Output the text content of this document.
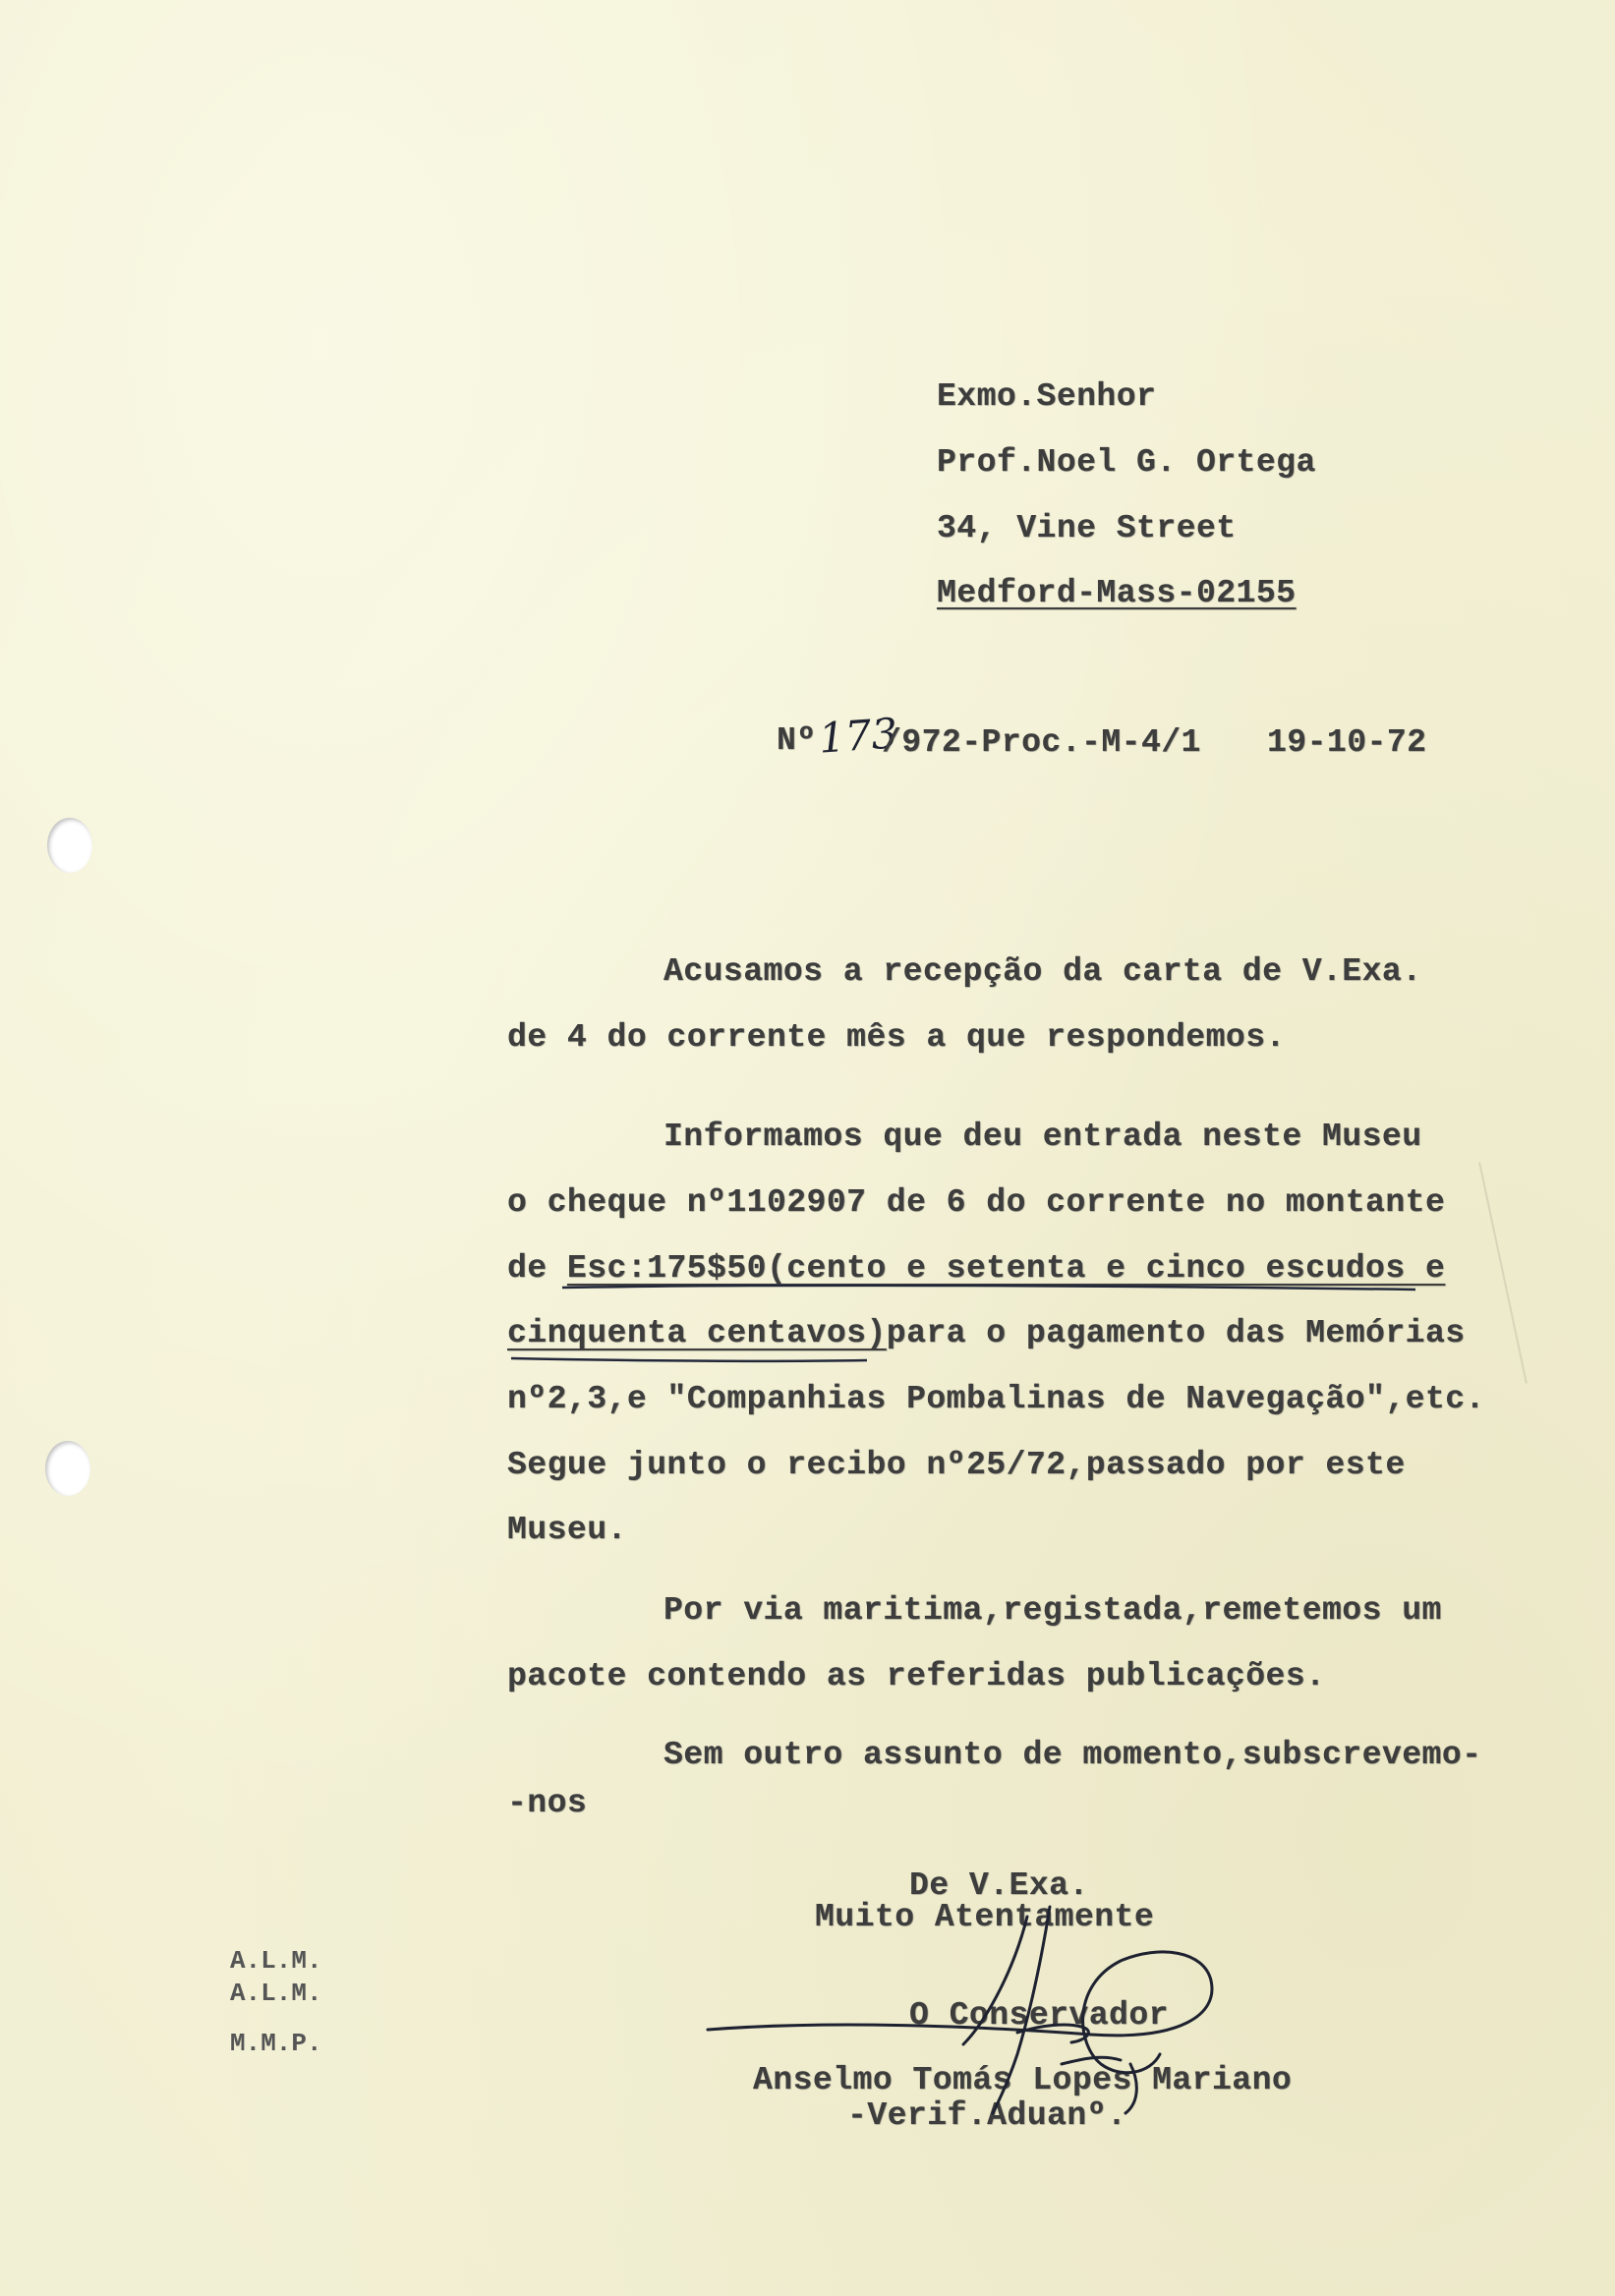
Exmo.Senhor
Prof.Noel G. Ortega
34, Vine Street
Medford-Mass-02155
Nº 173
/972-Proc.-M-4/1 19-10-72
Acusamos a recepção da carta de V.Exa.
de 4 do corrente mês a que respondemos.
Informamos que deu entrada neste Museu
o cheque nº1102907 de 6 do corrente no montante
de Esc:175$50(cento e setenta e cinco escudos e
cinquenta centavos)para o pagamento das Memórias
nº2,3,e "Companhias Pombalinas de Navegação",etc.
Segue junto o recibo nº25/72,passado por este
Museu.
Por via maritima,registada,remetemos um
pacote contendo as referidas publicações.
Sem outro assunto de momento,subscrevemo-
-nos
De V.Exa.
Muito Atentamente
O Conservador
Anselmo Tomás Lopes Mariano
-Verif.Aduanº.
A.L.M.
A.L.M.
M.M.P.
